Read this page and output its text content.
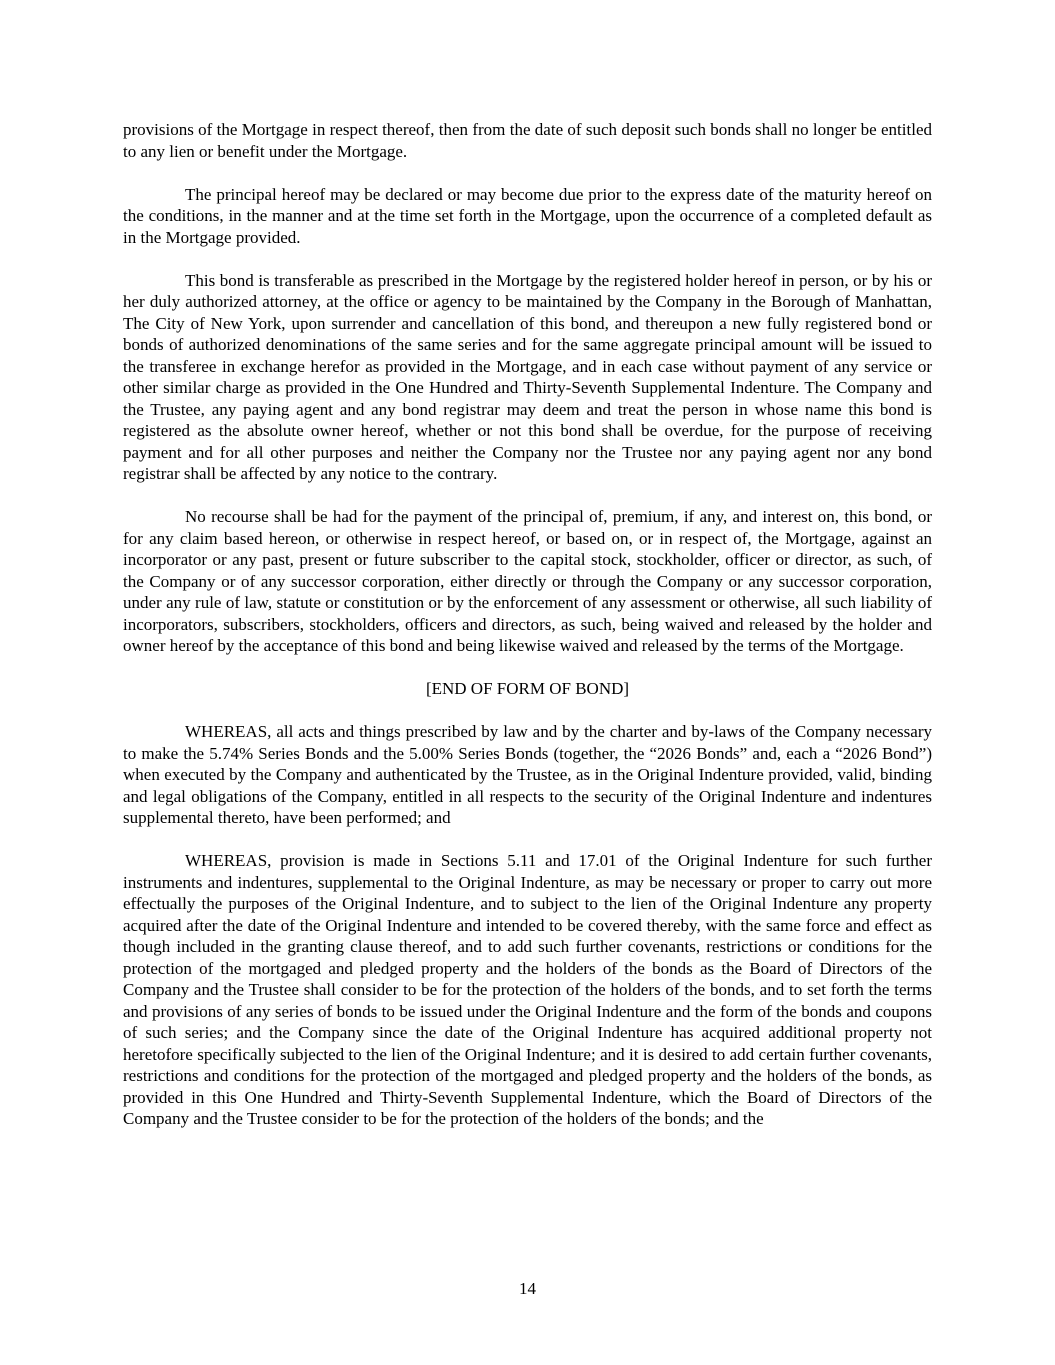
provisions of the Mortgage in respect thereof, then from the date of such deposit such bonds shall no longer be entitled to any lien or benefit under the Mortgage.

The principal hereof may be declared or may become due prior to the express date of the maturity hereof on the conditions, in the manner and at the time set forth in the Mortgage, upon the occurrence of a completed default as in the Mortgage provided.

This bond is transferable as prescribed in the Mortgage by the registered holder hereof in person, or by his or her duly authorized attorney, at the office or agency to be maintained by the Company in the Borough of Manhattan, The City of New York, upon surrender and cancellation of this bond, and thereupon a new fully registered bond or bonds of authorized denominations of the same series and for the same aggregate principal amount will be issued to the transferee in exchange herefor as provided in the Mortgage, and in each case without payment of any service or other similar charge as provided in the One Hundred and Thirty-Seventh Supplemental Indenture. The Company and the Trustee, any paying agent and any bond registrar may deem and treat the person in whose name this bond is registered as the absolute owner hereof, whether or not this bond shall be overdue, for the purpose of receiving payment and for all other purposes and neither the Company nor the Trustee nor any paying agent nor any bond registrar shall be affected by any notice to the contrary.

No recourse shall be had for the payment of the principal of, premium, if any, and interest on, this bond, or for any claim based hereon, or otherwise in respect hereof, or based on, or in respect of, the Mortgage, against an incorporator or any past, present or future subscriber to the capital stock, stockholder, officer or director, as such, of the Company or of any successor corporation, either directly or through the Company or any successor corporation, under any rule of law, statute or constitution or by the enforcement of any assessment or otherwise, all such liability of incorporators, subscribers, stockholders, officers and directors, as such, being waived and released by the holder and owner hereof by the acceptance of this bond and being likewise waived and released by the terms of the Mortgage.

[END OF FORM OF BOND]

WHEREAS, all acts and things prescribed by law and by the charter and by-laws of the Company necessary to make the 5.74% Series Bonds and the 5.00% Series Bonds (together, the “2026 Bonds” and, each a “2026 Bond”) when executed by the Company and authenticated by the Trustee, as in the Original Indenture provided, valid, binding and legal obligations of the Company, entitled in all respects to the security of the Original Indenture and indentures supplemental thereto, have been performed; and

WHEREAS, provision is made in Sections 5.11 and 17.01 of the Original Indenture for such further instruments and indentures, supplemental to the Original Indenture, as may be necessary or proper to carry out more effectually the purposes of the Original Indenture, and to subject to the lien of the Original Indenture any property acquired after the date of the Original Indenture and intended to be covered thereby, with the same force and effect as though included in the granting clause thereof, and to add such further covenants, restrictions or conditions for the protection of the mortgaged and pledged property and the holders of the bonds as the Board of Directors of the Company and the Trustee shall consider to be for the protection of the holders of the bonds, and to set forth the terms and provisions of any series of bonds to be issued under the Original Indenture and the form of the bonds and coupons of such series; and the Company since the date of the Original Indenture has acquired additional property not heretofore specifically subjected to the lien of the Original Indenture; and it is desired to add certain further covenants, restrictions and conditions for the protection of the mortgaged and pledged property and the holders of the bonds, as provided in this One Hundred and Thirty-Seventh Supplemental Indenture, which the Board of Directors of the Company and the Trustee consider to be for the protection of the holders of the bonds; and the

14
